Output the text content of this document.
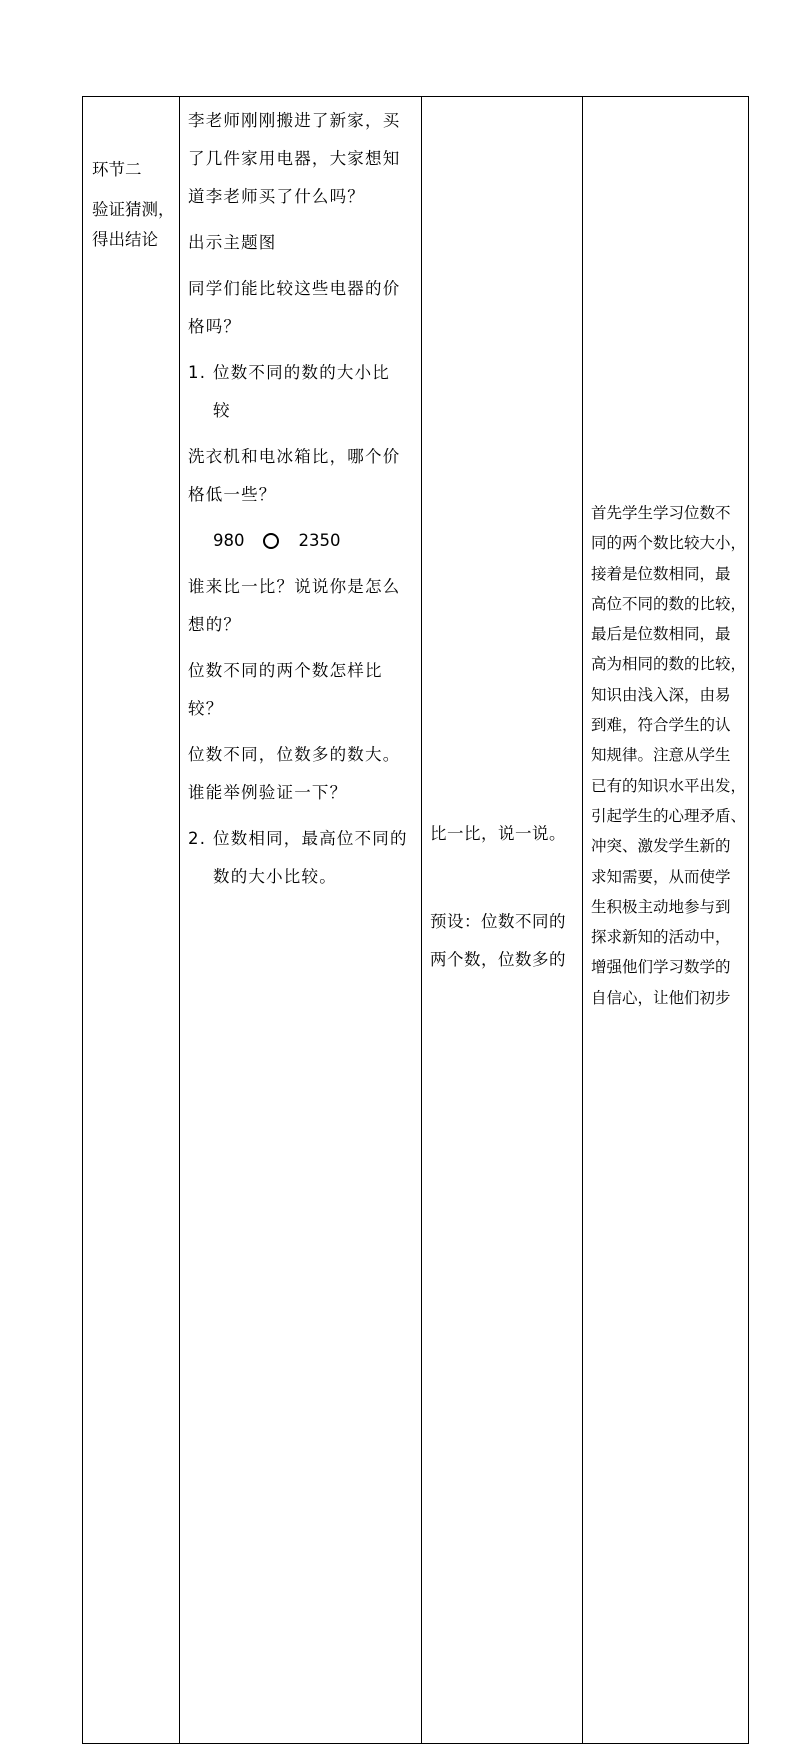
环节二
验证猜测，
得出结论

李老师刚刚搬进了新家，买
了几件家用电器，大家想知
道李老师买了什么吗？
出示主题图
同学们能比较这些电器的价
格吗？
1. 位数不同的数的大小比
较
洗衣机和电冰箱比，哪个价
格低一些？
980	2350
谁来比一比？说说你是怎么
想的？
位数不同的两个数怎样比
较？
位数不同，位数多的数大。
谁能举例验证一下？
2. 位数相同，最高位不同的
数的大小比较。

比一比，说一说。
预设：位数不同的
两个数，位数多的

首先学生学习位数不
同的两个数比较大小，
接着是位数相同，最
高位不同的数的比较，
最后是位数相同，最
高为相同的数的比较，
知识由浅入深，由易
到难，符合学生的认
知规律。注意从学生
已有的知识水平出发，
引起学生的心理矛盾、
冲突、激发学生新的
求知需要，从而使学
生积极主动地参与到
探求新知的活动中，
增强他们学习数学的
自信心，让他们初步
